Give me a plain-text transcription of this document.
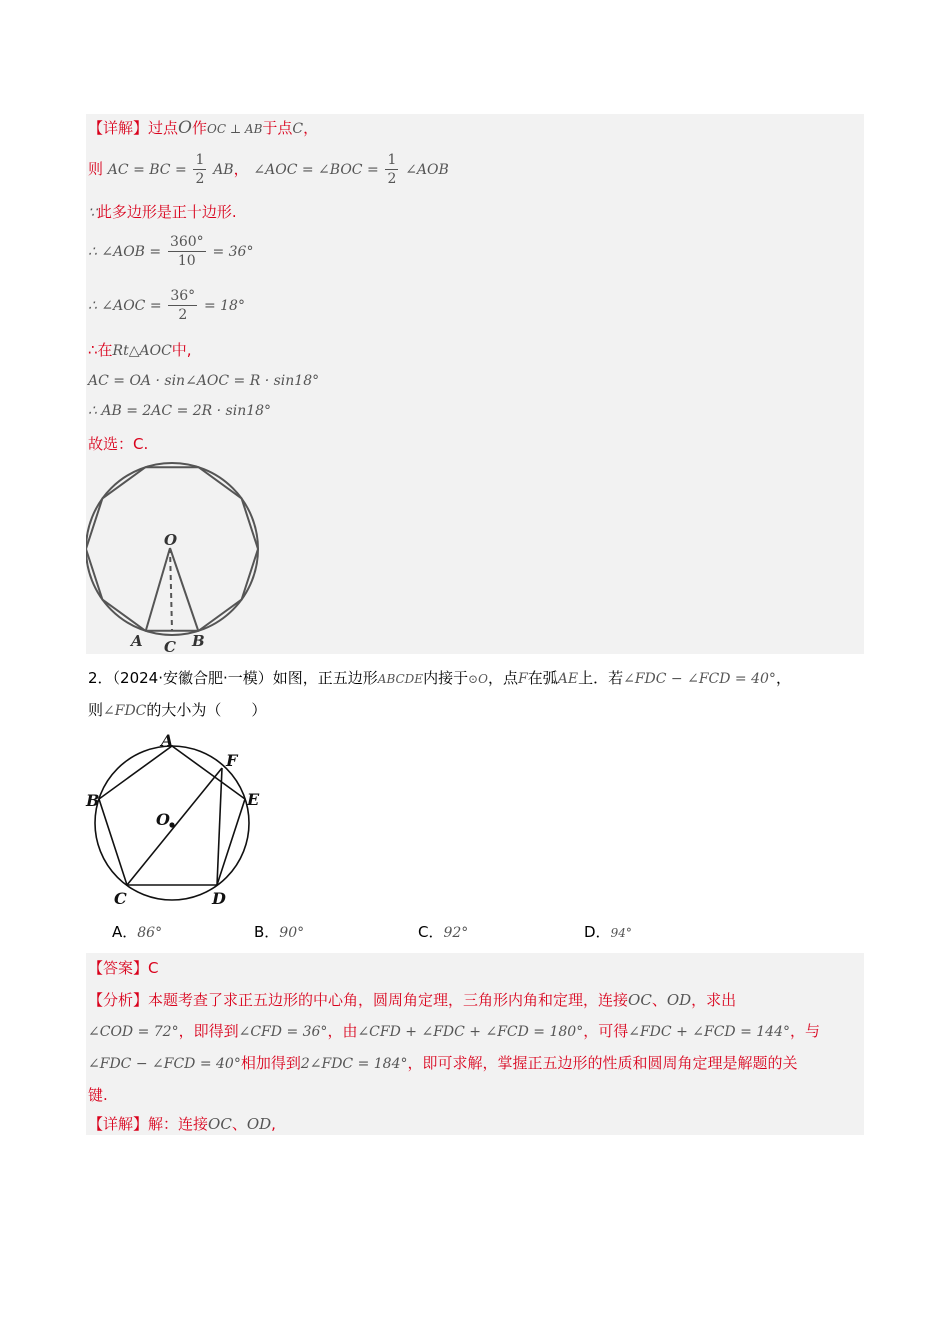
【详解】过点O作OC ⊥ AB于点C，
则 AC = BC = $\frac{1}{2}$ AB， ∠AOC = ∠BOC = $\frac{1}{2}$ ∠AOB
∵此多边形是正十边形.
∴ ∠AOB = $\frac{360^\circ}{10} = 36^\circ$
∴ ∠AOC = $\frac{36^\circ}{2} = 18^\circ$
∴在Rt△AOC中,
AC = OA · sin∠AOC = R · sin18°
∴ AB = 2AC = 2R · sin18°
故选：C.
O
A C B
2．（2024·安徽合肥·一模）如图，正五边形ABCDE内接于⊙O，点F在弧AE上．若∠FDC − ∠FCD = 40°，
则∠FDC的大小为（　　）
A
F
E
B
O
C	D
A．86°	B．90°	C．92°	D．94°
【答案】C
【分析】本题考查了求正五边形的中心角，圆周角定理，三角形内角和定理，连接OC、OD，求出
∠COD = 72°，即得到∠CFD = 36°，由∠CFD + ∠FDC + ∠FCD = 180°，可得∠FDC + ∠FCD = 144°，与
∠FDC − ∠FCD = 40°相加得到2∠FDC = 184°，即可求解，掌握正五边形的性质和圆周角定理是解题的关
键.
【详解】解：连接OC、OD,
